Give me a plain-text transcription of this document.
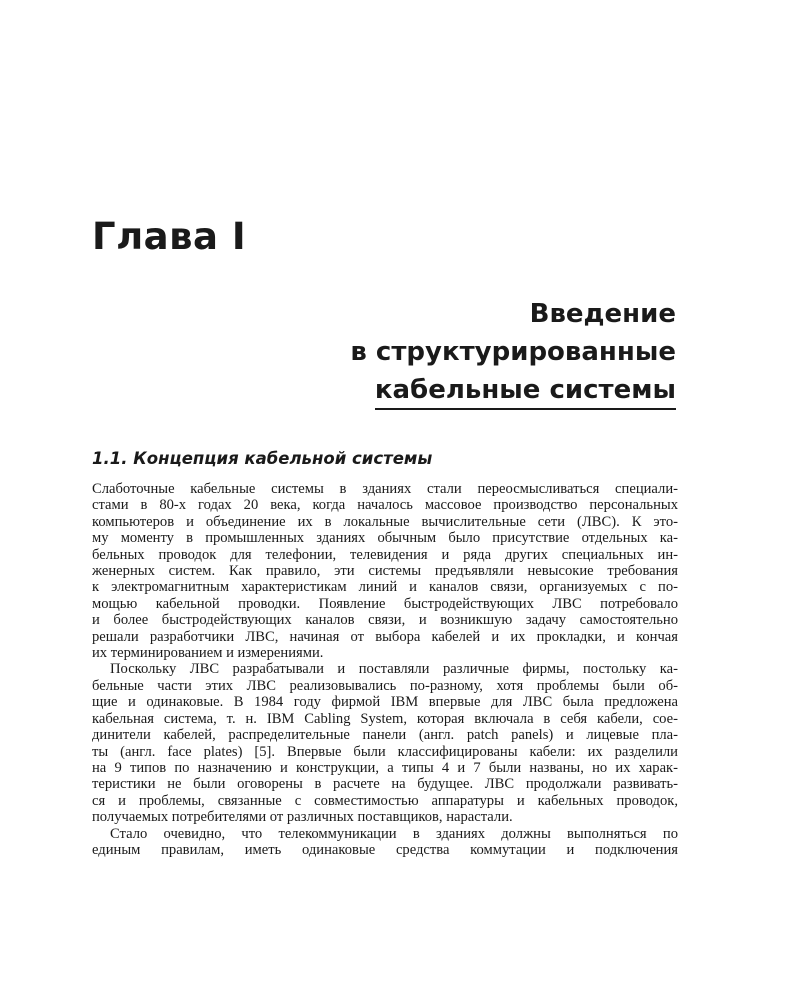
Глава I
Введение
в структурированные
кабельные системы
1.1. Концепция кабельной системы

Слаботочные кабельные системы в зданиях стали переосмысливаться специали-
стами в 80-х годах 20 века, когда началось массовое производство персональных
компьютеров и объединение их в локальные вычислительные сети (ЛВС). К это-
му моменту в промышленных зданиях обычным было присутствие отдельных ка-
бельных проводок для телефонии, телевидения и ряда других специальных ин-
женерных систем. Как правило, эти системы предъявляли невысокие требования
к электромагнитным характеристикам линий и каналов связи, организуемых с по-
мощью кабельной проводки. Появление быстродействующих ЛВС потребовало
и более быстродействующих каналов связи, и возникшую задачу самостоятельно
решали разработчики ЛВС, начиная от выбора кабелей и их прокладки, и кончая
их терминированием и измерениями.

Поскольку ЛВС разрабатывали и поставляли различные фирмы, постольку ка-
бельные части этих ЛВС реализовывались по-разному, хотя проблемы были об-
щие и одинаковые. В 1984 году фирмой IBM впервые для ЛВС была предложена
кабельная система, т. н. IBM Cabling System, которая включала в себя кабели, сое-
динители кабелей, распределительные панели (англ. patch panels) и лицевые пла-
ты (англ. face plates) [5]. Впервые были классифицированы кабели: их разделили
на 9 типов по назначению и конструкции, а типы 4 и 7 были названы, но их харак-
теристики не были оговорены в расчете на будущее. ЛВС продолжали развивать-
ся и проблемы, связанные с совместимостью аппаратуры и кабельных проводок,
получаемых потребителями от различных поставщиков, нарастали.

Стало очевидно, что телекоммуникации в зданиях должны выполняться по
единым правилам, иметь одинаковые средства коммутации и подключения
